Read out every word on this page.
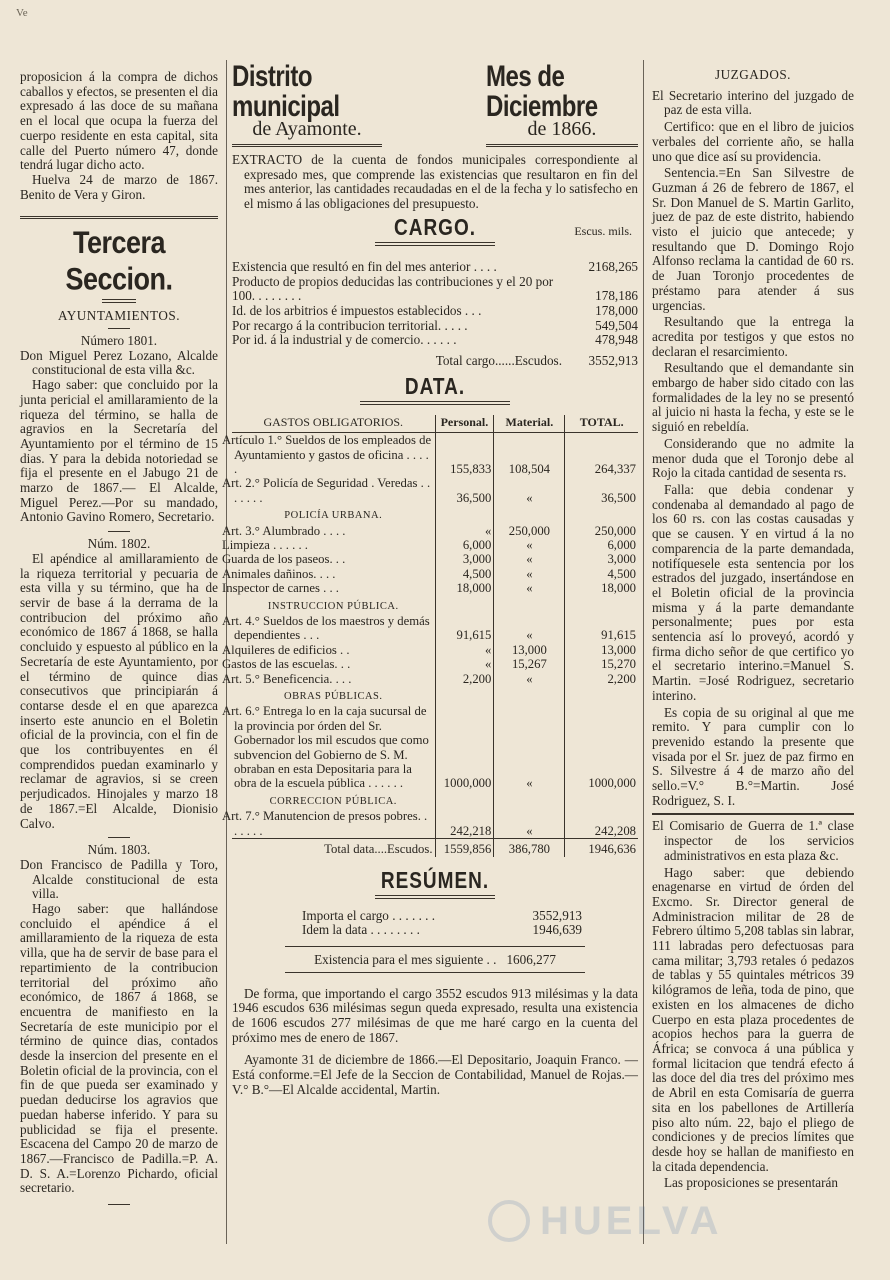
Ve

proposicion á la compra de dichos caballos y efectos, se presenten el dia expresado á las doce de su mañana en el local que ocupa la fuerza del cuerpo residente en esta capital, sita calle del Puerto número 47, donde tendrá lugar dicho acto.

Huelva 24 de marzo de 1867. Benito de Vera y Giron.

Tercera Seccion.
AYUNTAMIENTOS.
Número 1801.

Don Miguel Perez Lozano, Alcalde constitucional de esta villa &c.

Hago saber: que concluido por la junta pericial el amillaramiento de la riqueza del término, se halla de agravios en la Secretaría del Ayuntamiento por el término de 15 dias. Y para la debida notoriedad se fija el presente en el Jabugo 21 de marzo de 1867.— El Alcalde, Miguel Perez.—Por su mandado, Antonio Gavino Romero, Secretario.

Núm. 1802.

El apéndice al amillaramiento de la riqueza territorial y pecuaria de esta villa y su término, que ha de servir de base á la derrama de la contribucion del próximo año económico de 1867 á 1868, se halla concluido y espuesto al público en la Secretaría de este Ayuntamiento, por el término de quince dias consecutivos que principiarán á contarse desde el en que aparezca inserto este anuncio en el Boletin oficial de la provincia, con el fin de que los contribuyentes en él comprendidos puedan examinarlo y reclamar de agravios, si se creen perjudicados. Hinojales y marzo 18 de 1867.=El Alcalde, Dionisio Calvo.

Núm. 1803.

Don Francisco de Padilla y Toro, Alcalde constitucional de esta villa.

Hago saber: que hallándose concluido el apéndice á el amillaramiento de la riqueza de esta villa, que ha de servir de base para el repartimiento de la contribucion territorial del próximo año económico, de 1867 á 1868, se encuentra de manifiesto en la Secretaría de este municipio por el término de quince dias, contados desde la insercion del presente en el Boletin oficial de la provincia, con el fin de que pueda ser examinado y puedan deducirse los agravios que puedan haberse inferido. Y para su publicidad se fija el presente. Escacena del Campo 20 de marzo de 1867.—Francisco de Padilla.=P. A. D. S. A.=Lorenzo Pichardo, oficial secretario.

Distrito municipal
de Ayamonte.
Mes de Diciembre
de 1866.

EXTRACTO de la cuenta de fondos municipales correspondiente al expresado mes, que comprende las existencias que resultaron en fin del mes anterior, las cantidades recaudadas en el de la fecha y lo satisfecho en el mismo á las obligaciones del presupuesto.

CARGO.	Escus. mils.
Existencia que resultó en fin del mes anterior . . . .	2168,265
Producto de propios deducidas las contribuciones y el 20 por 100. . . . . . . .	178,186
Id. de los arbitrios é impuestos establecidos . . .	178,000
Por recargo á la contribucion territorial. . . . .	549,504
Por id. á la industrial y de comercio. . . . . .	478,948
Total cargo......Escudos.	3552,913
DATA.
GASTOS OBLIGATORIOS.	Personal.	Material.	TOTAL.
Artículo 1.° Sueldos de los empleados de Ayuntamiento y gastos de oficina . . . . .	155,833	108,504	264,337
Art. 2.° Policía de Seguridad . Veredas . . . . . . .	36,500	«	36,500
POLICÍA URBANA.			
Art. 3.° Alumbrado . . . .	«	250,000	250,000
Limpieza . . . . . .	6,000	«	6,000
Guarda de los paseos. . .	3,000	«	3,000
Animales dañinos. . . .	4,500	«	4,500
Inspector de carnes . . .	18,000	«	18,000
INSTRUCCION PÚBLICA.			
Art. 4.° Sueldos de los maestros y demás dependientes . . .	91,615	«	91,615
Alquileres de edificios . .	«	13,000	13,000
Gastos de las escuelas. . .	«	15,267	15,270
Art. 5.° Beneficencia. . . .	2,200	«	2,200
OBRAS PÚBLICAS.			
Art. 6.° Entrega lo en la caja sucursal de la provincia por órden del Sr. Gobernador los mil escudos que como subvencion del Gobierno de S. M. obraban en esta Depositaria para la obra de la escuela pública . . . . . .	1000,000	«	1000,000
CORRECCION PÚBLICA.			
Art. 7.° Manutencion de presos pobres. . . . . . .	242,218	«	242,208
Total data....Escudos.	1559,856	386,780	1946,636
RESÚMEN.
Importa el cargo . . . . . . .	3552,913
Idem la data . . . . . . . .	1946,639
Existencia para el mes siguiente . . 1606,277

De forma, que importando el cargo 3552 escudos 913 milésimas y la data 1946 escudos 636 milésimas segun queda expresado, resulta una existencia de 1606 escudos 277 milésimas de que me haré cargo en la cuenta del próximo mes de enero de 1867.

Ayamonte 31 de diciembre de 1866.—El Depositario, Joaquin Franco. —Está conforme.=El Jefe de la Seccion de Contabilidad, Manuel de Rojas.—V.° B.°—El Alcalde accidental, Martin.

JUZGADOS.

El Secretario interino del juzgado de paz de esta villa.

Certifico: que en el libro de juicios verbales del corriente año, se halla uno que dice así su providencia.

Sentencia.=En San Silvestre de Guzman á 26 de febrero de 1867, el Sr. Don Manuel de S. Martin Garlito, juez de paz de este distrito, habiendo visto el juicio que antecede; y resultando que D. Domingo Rojo Alfonso reclama la cantidad de 60 rs. de Juan Toronjo procedentes de préstamo para atender á sus urgencias.

Resultando que la entrega la acredita por testigos y que estos no declaran el resarcimiento.

Resultando que el demandante sin embargo de haber sido citado con las formalidades de la ley no se presentó al juicio ni hasta la fecha, y este se le siguió en rebeldía.

Considerando que no admite la menor duda que el Toronjo debe al Rojo la citada cantidad de sesenta rs.

Falla: que debia condenar y condenaba al demandado al pago de los 60 rs. con las costas causadas y que se causen. Y en virtud á la no comparencia de la parte demandada, notifíquesele esta sentencia por los estrados del juzgado, insertándose en el Boletin oficial de la provincia misma y á la parte demandante personalmente; pues por esta sentencia así lo proveyó, acordó y firma dicho señor de que certifico yo el secretario interino.=Manuel S. Martin. =José Rodriguez, secretario interino.

Es copia de su original al que me remito. Y para cumplir con lo prevenido estando la presente que visada por el Sr. juez de paz firmo en S. Silvestre á 4 de marzo año del sello.=V.° B.°=Martin. José Rodriguez, S. I.

El Comisario de Guerra de 1.ª clase inspector de los servicios administrativos en esta plaza &c.

Hago saber: que debiendo enagenarse en virtud de órden del Excmo. Sr. Director general de Administracion militar de 28 de Febrero último 5,208 tablas sin labrar, 111 labradas pero defectuosas para cama militar; 3,793 retales ó pedazos de tablas y 55 quintales métricos 39 kilógramos de leña, toda de pino, que existen en los almacenes de dicho Cuerpo en esta plaza procedentes de acopios hechos para la guerra de África; se convoca á una pública y formal licitacion que tendrá efecto á las doce del dia tres del próximo mes de Abril en esta Comisaría de guerra sita en los pabellones de Artillería piso alto núm. 22, bajo el pliego de condiciones y de precios límites que desde hoy se hallan de manifiesto en la citada dependencia.

Las proposiciones se presentarán

HUELVA
